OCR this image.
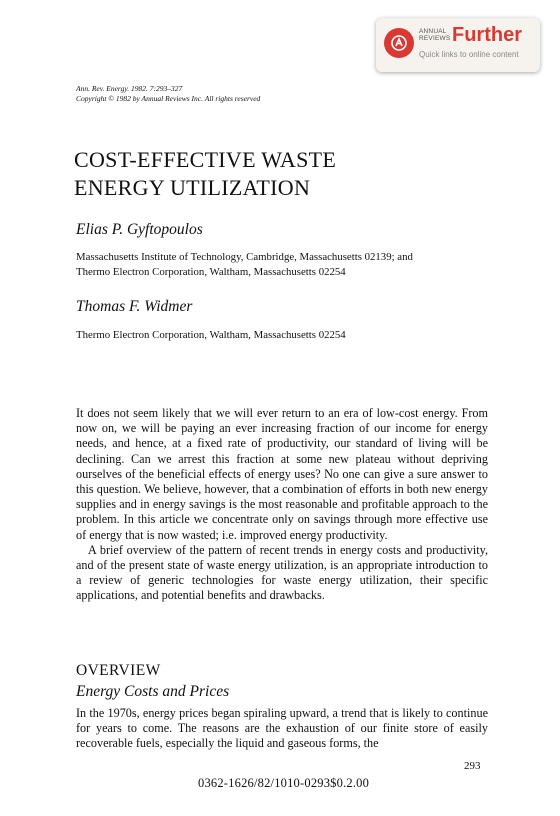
ANNUAL
REVIEWS Further
Quick links to online content
Ann. Rev. Energy. 1982. 7:293–327
Copyright © 1982 by Annual Reviews Inc. All rights reserved
COST-EFFECTIVE WASTE
ENERGY UTILIZATION
Elias P. Gyftopoulos
Massachusetts Institute of Technology, Cambridge, Massachusetts 02139; and
Thermo Electron Corporation, Waltham, Massachusetts 02254
Thomas F. Widmer
Thermo Electron Corporation, Waltham, Massachusetts 02254

It does not seem likely that we will ever return to an era of low-cost energy. From now on, we will be paying an ever increasing fraction of our income for energy needs, and hence, at a fixed rate of productivity, our standard of living will be declining. Can we arrest this fraction at some new plateau without depriving ourselves of the beneficial effects of energy uses? No one can give a sure answer to this question. We believe, however, that a combination of efforts in both new energy supplies and in energy savings is the most reasonable and profitable approach to the problem. In this article we concentrate only on savings through more effective use of energy that is now wasted; i.e. improved energy productivity.

A brief overview of the pattern of recent trends in energy costs and productivity, and of the present state of waste energy utilization, is an appropriate introduction to a review of generic technologies for waste energy utilization, their specific applications, and potential benefits and drawbacks.

OVERVIEW
Energy Costs and Prices

In the 1970s, energy prices began spiraling upward, a trend that is likely to continue for years to come. The reasons are the exhaustion of our finite store of easily recoverable fuels, especially the liquid and gaseous forms, the

293
0362-1626/82/1010-0293$0.2.00
